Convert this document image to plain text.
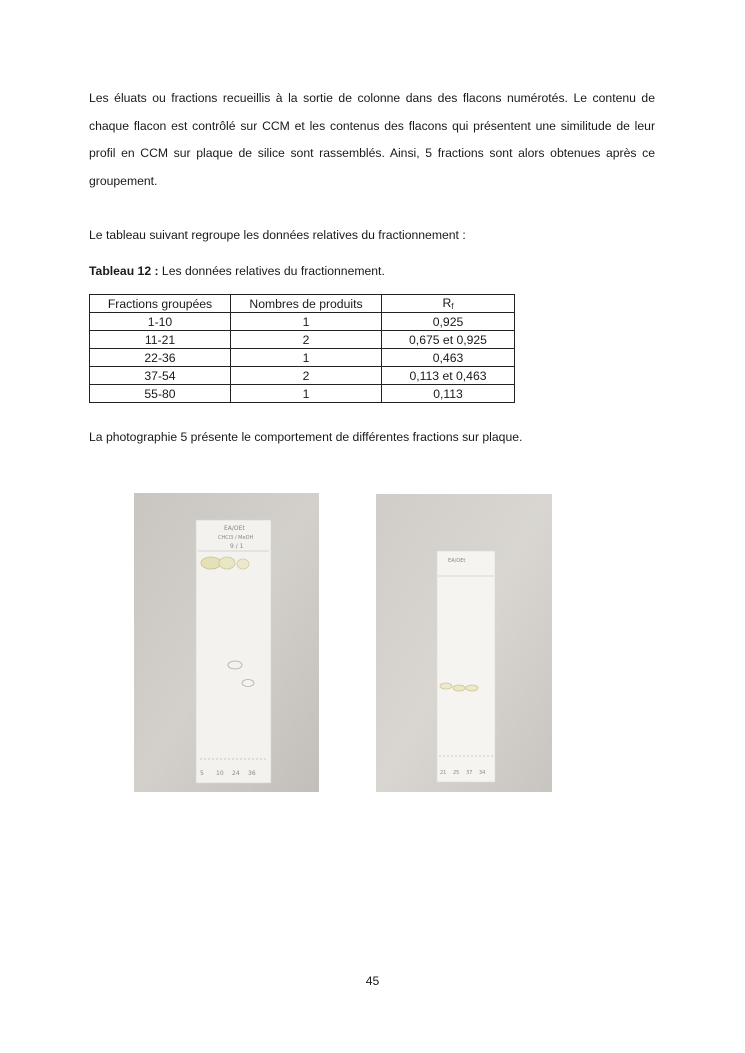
Les éluats ou fractions recueillis à la sortie de colonne dans des flacons numérotés. Le contenu de chaque flacon est contrôlé sur CCM et les contenus des flacons qui présentent une similitude de leur profil en CCM sur plaque de silice sont rassemblés. Ainsi, 5 fractions sont alors obtenues après ce groupement.

Le tableau suivant regroupe les données relatives du fractionnement :

Tableau 12 : Les données relatives du fractionnement.

Fractions groupées	Nombres de produits	Rf
1-10	1	0,925
11-21	2	0,675 et 0,925
22-36	1	0,463
37-54	2	0,113 et 0,463
55-80	1	0,113

La photographie 5 présente le comportement de différentes fractions sur plaque.

EA/OEt
CHCl3 / MeOH
9 / 1
5 10 24 36
EA/OEt
21 25 37 34
45
